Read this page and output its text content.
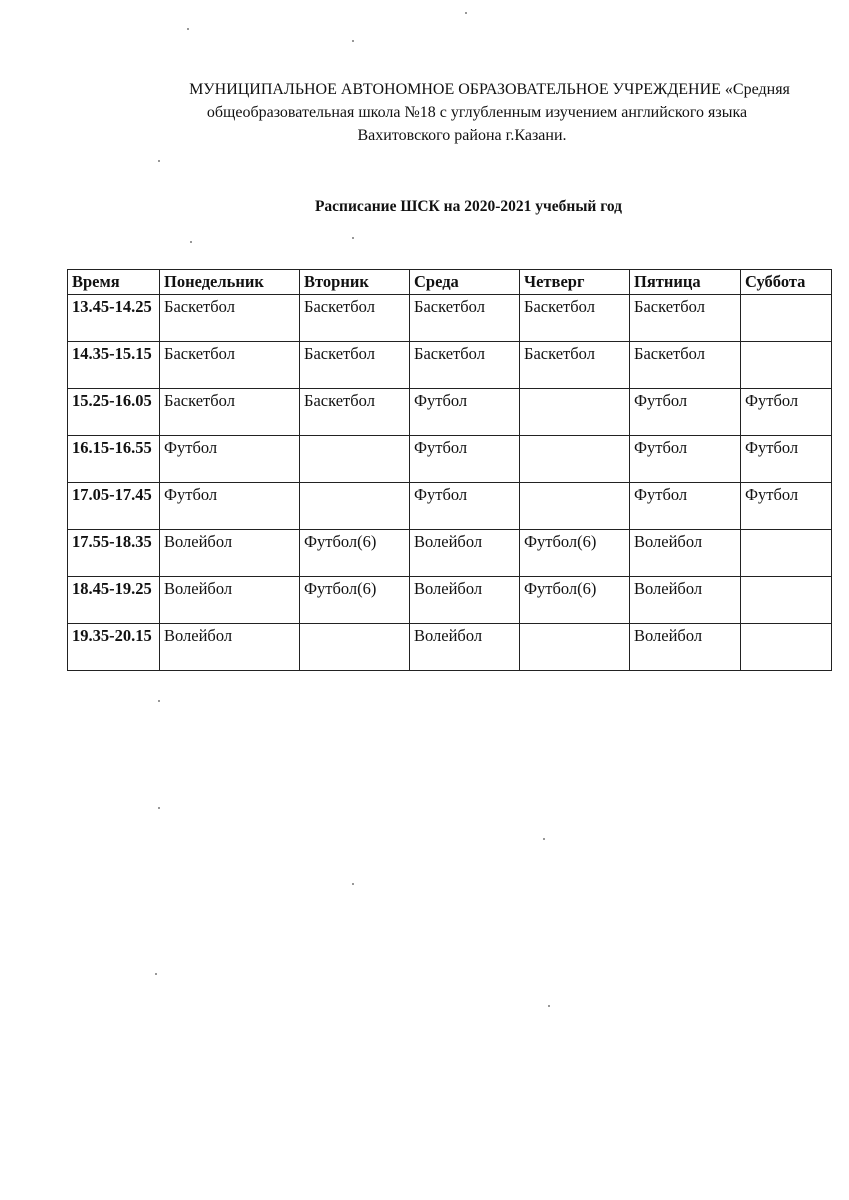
МУНИЦИПАЛЬНОЕ АВТОНОМНОЕ ОБРАЗОВАТЕЛЬНОЕ УЧРЕЖДЕНИЕ «Средняя
общеобразовательная школа №18 с углубленным изучением английского языка
Вахитовского района г.Казани.
Расписание ШСК на 2020-2021 учебный год
Время	Понедельник	Вторник	Среда	Четверг	Пятница	Суббота
13.45-14.25	Баскетбол	Баскетбол	Баскетбол	Баскетбол	Баскетбол	
14.35-15.15	Баскетбол	Баскетбол	Баскетбол	Баскетбол	Баскетбол	
15.25-16.05	Баскетбол	Баскетбол	Футбол		Футбол	Футбол
16.15-16.55	Футбол		Футбол		Футбол	Футбол
17.05-17.45	Футбол		Футбол		Футбол	Футбол
17.55-18.35	Волейбол	Футбол(6)	Волейбол	Футбол(6)	Волейбол	
18.45-19.25	Волейбол	Футбол(6)	Волейбол	Футбол(6)	Волейбол	
19.35-20.15	Волейбол		Волейбол		Волейбол	
